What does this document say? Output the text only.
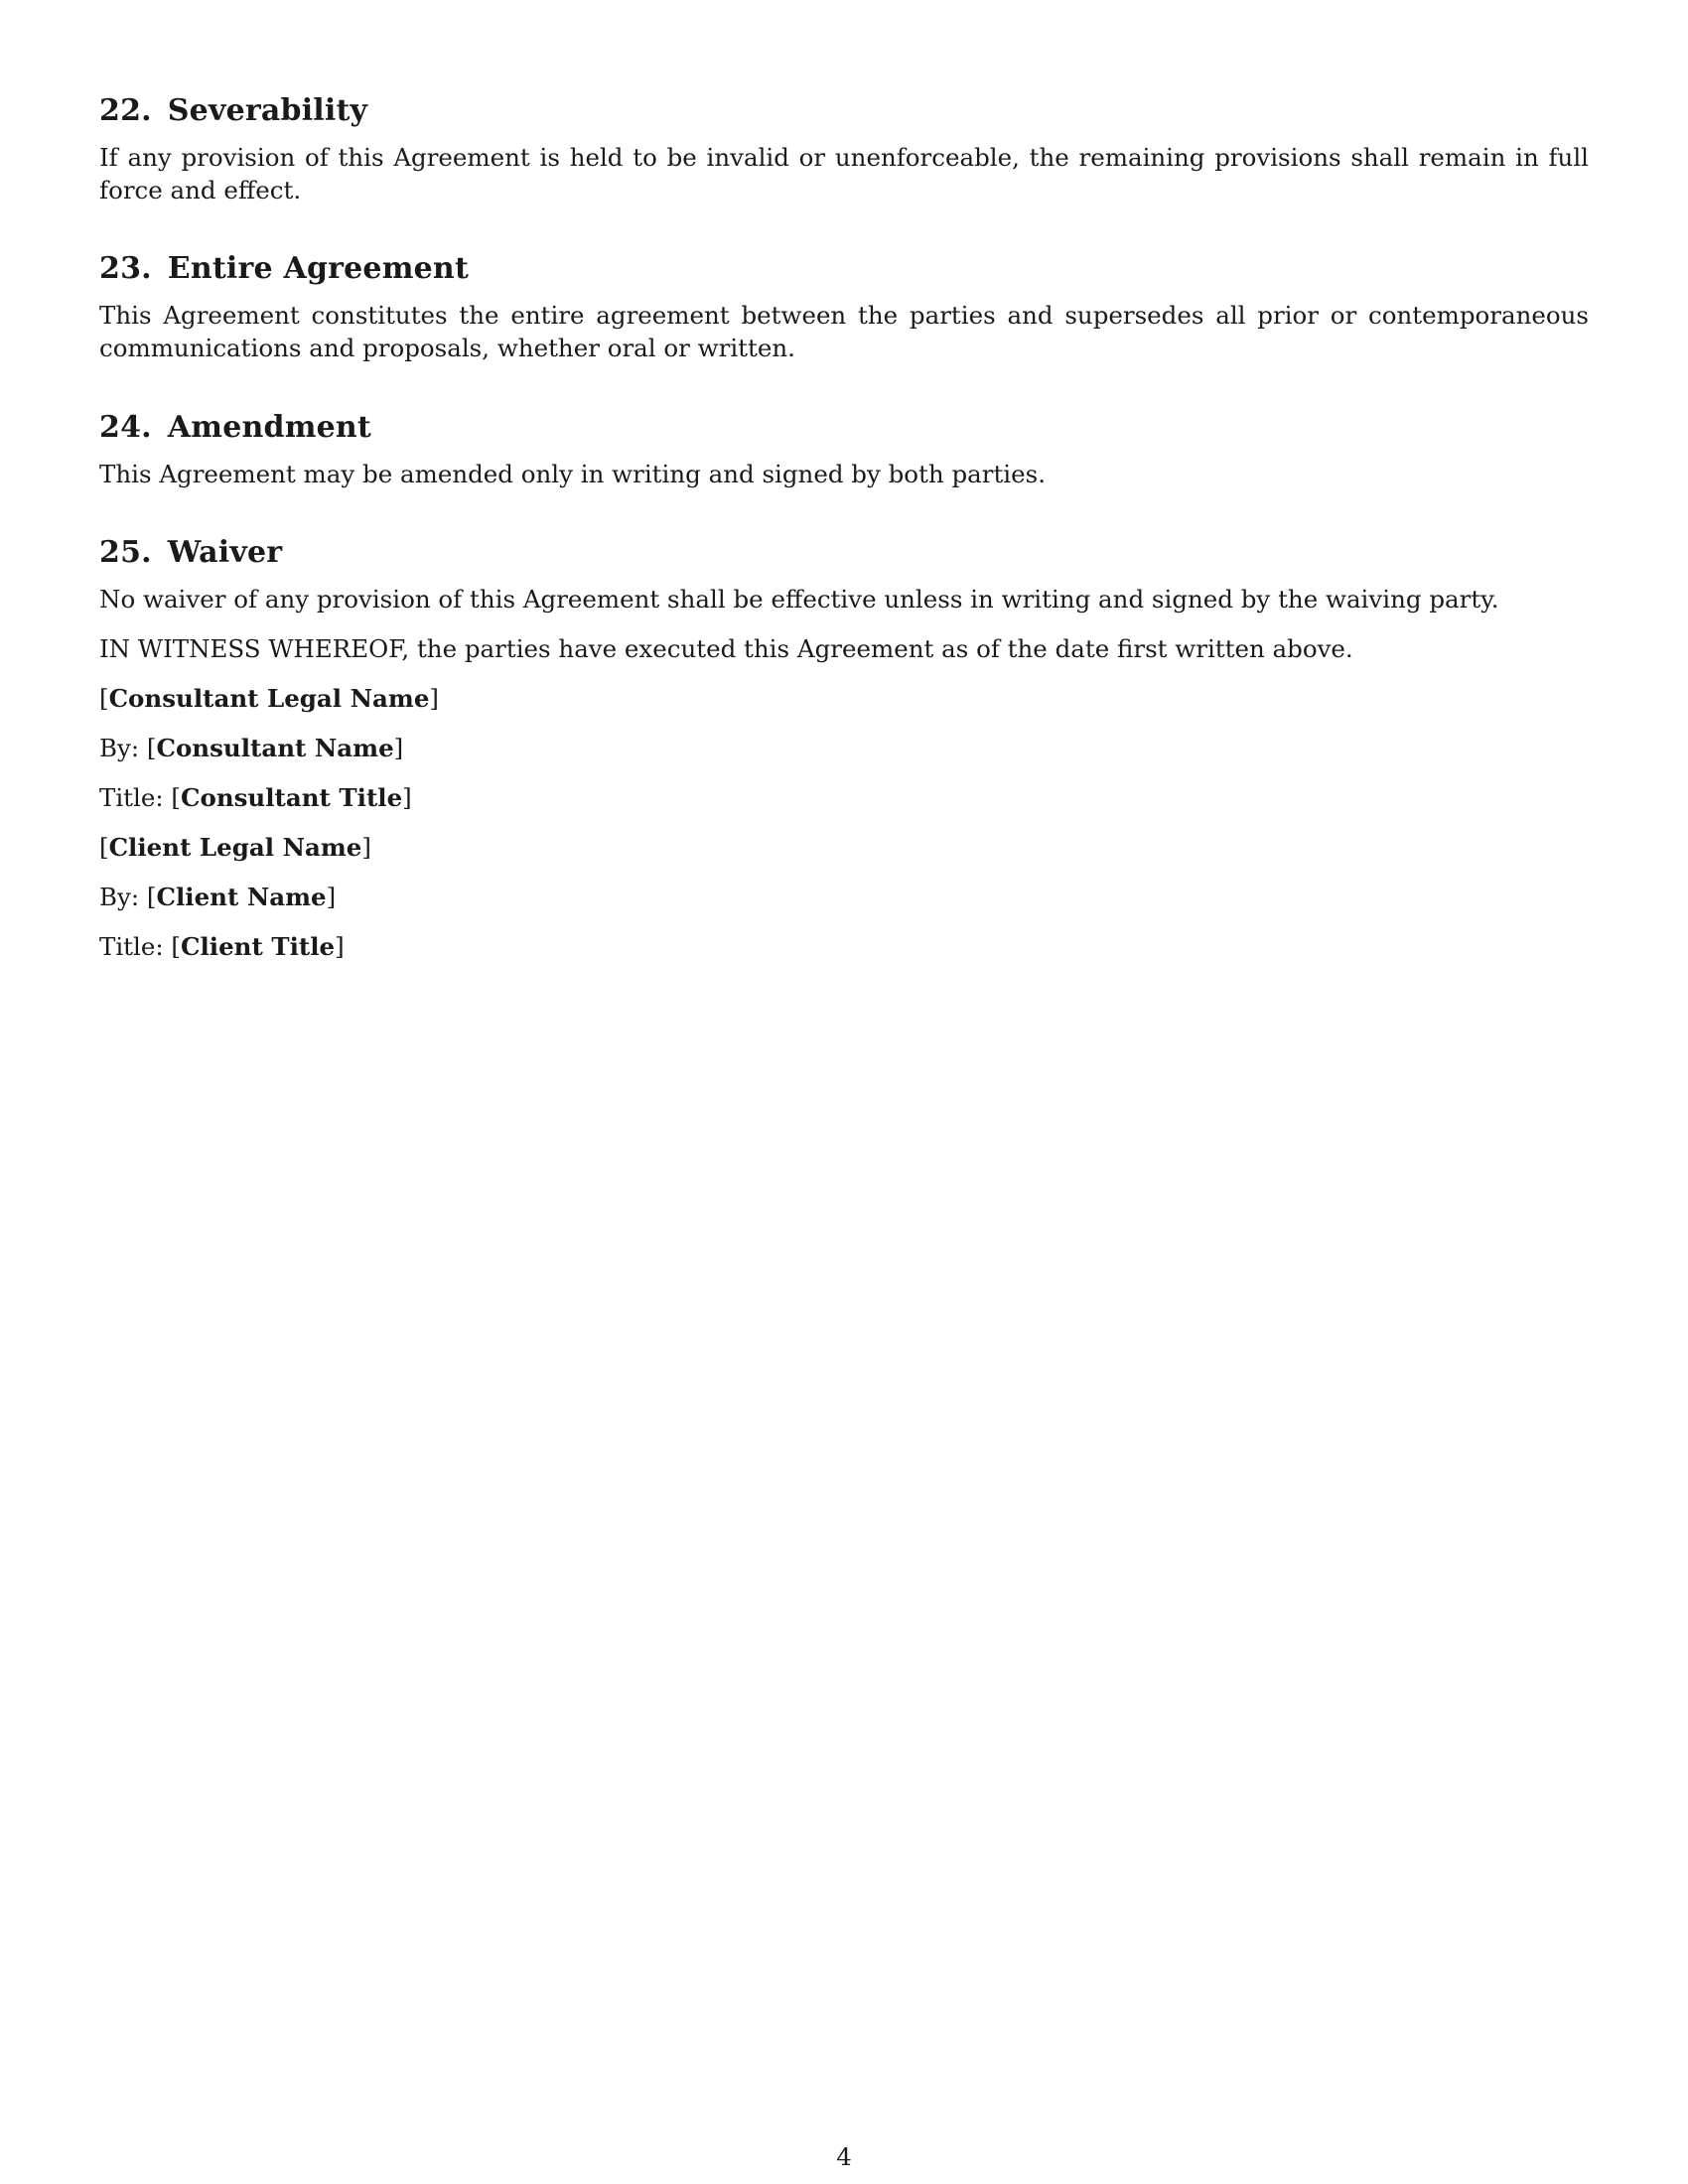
22. Severability

If any provision of this Agreement is held to be invalid or unenforceable, the remaining provisions shall remain in full force and effect.

23. Entire Agreement

This Agreement constitutes the entire agreement between the parties and supersedes all prior or contemporaneous communications and proposals, whether oral or written.

24. Amendment

This Agreement may be amended only in writing and signed by both parties.

25. Waiver

No waiver of any provision of this Agreement shall be effective unless in writing and signed by the waiving party.

IN WITNESS WHEREOF, the parties have executed this Agreement as of the date first written above.

[Consultant Legal Name]

By: [Consultant Name]

Title: [Consultant Title]

[Client Legal Name]

By: [Client Name]

Title: [Client Title]

4
